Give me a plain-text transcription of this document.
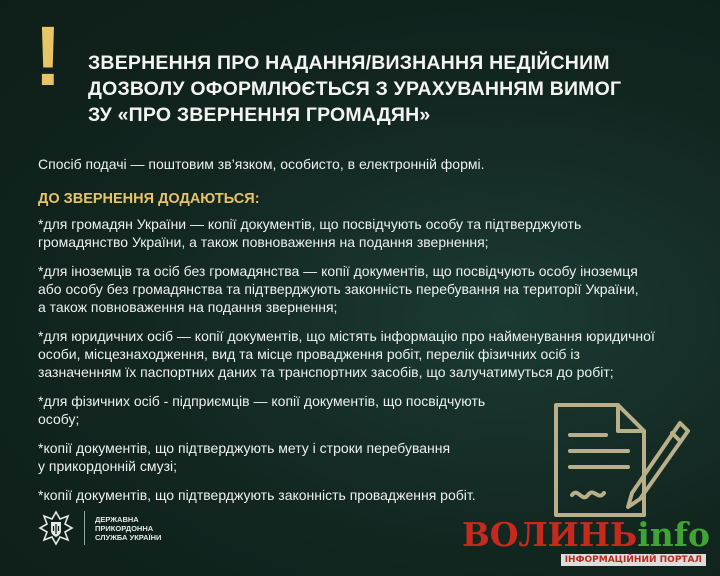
!	ЗВЕРНЕННЯ ПРО НАДАННЯ/ВИЗНАННЯ НЕДІЙСНИМ
ДОЗВОЛУ ОФОРМЛЮЄТЬСЯ З УРАХУВАННЯМ ВИМОГ
ЗУ «ПРО ЗВЕРНЕННЯ ГРОМАДЯН»

Спосіб подачі — поштовим зв’язком, особисто, в електронній формі.

ДО ЗВЕРНЕННЯ ДОДАЮТЬСЯ:

*для громадян України — копії документів, що посвідчують особу та підтверджують
громадянство України, а також повноваження на подання звернення;
*для іноземців та осіб без громадянства — копії документів, що посвідчують особу іноземця
або особу без громадянства та підтверджують законність перебування на території України,
а також повноваження на подання звернення;
*для юридичних осіб — копії документів, що містять інформацію про найменування юридичної
особи, місцезнаходження, вид та місце провадження робіт, перелік фізичних осіб із
зазначенням їх паспортних даних та транспортних засобів, що залучатимуться до робіт;
*для фізичних осіб - підприємців — копії документів, що посвідчують
особу;
*копії документів, що підтверджують мету і строки перебування
у прикордонній смузі;
*копії документів, що підтверджують законність провадження робіт.
ДЕРЖАВНА
ПРИКОРДОННА
СЛУЖБА УКРАЇНИ	ВОЛИНЬinfo
ІНФОРМАЦІЙНИЙ ПОРТАЛ
